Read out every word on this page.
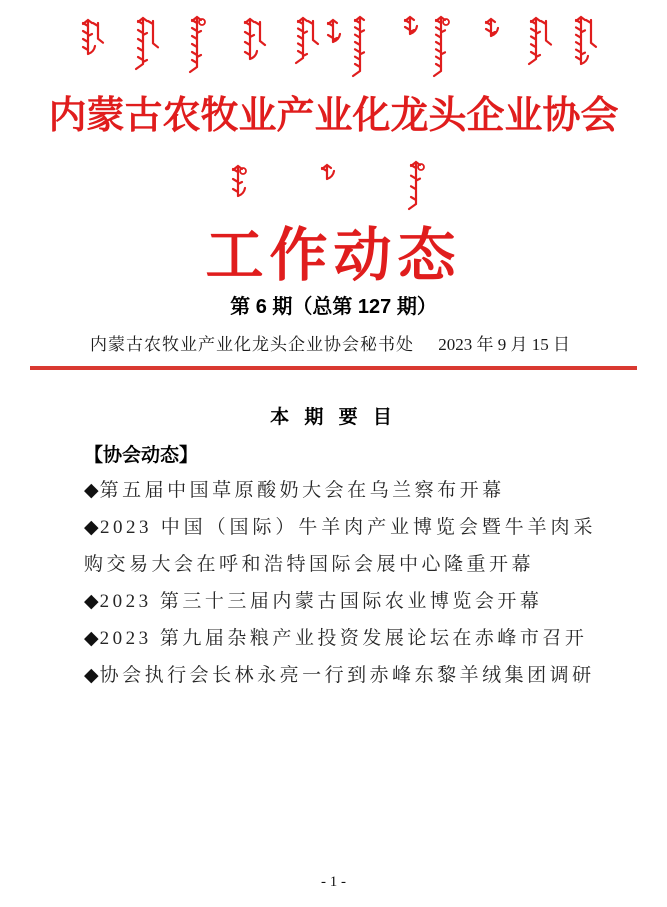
内蒙古农牧业产业化龙头企业协会
工作动态
第 6 期（总第 127 期）
内蒙古农牧业产业化龙头企业协会秘书处 2023 年 9 月 15 日
本 期 要 目
【协会动态】
◆第五届中国草原酸奶大会在乌兰察布开幕
◆2023 中国（国际）牛羊肉产业博览会暨牛羊肉采购交易大会在呼和浩特国际会展中心隆重开幕
◆2023 第三十三届内蒙古国际农业博览会开幕
◆2023 第九届杂粮产业投资发展论坛在赤峰市召开
◆协会执行会长林永亮一行到赤峰东黎羊绒集团调研
- 1 -
